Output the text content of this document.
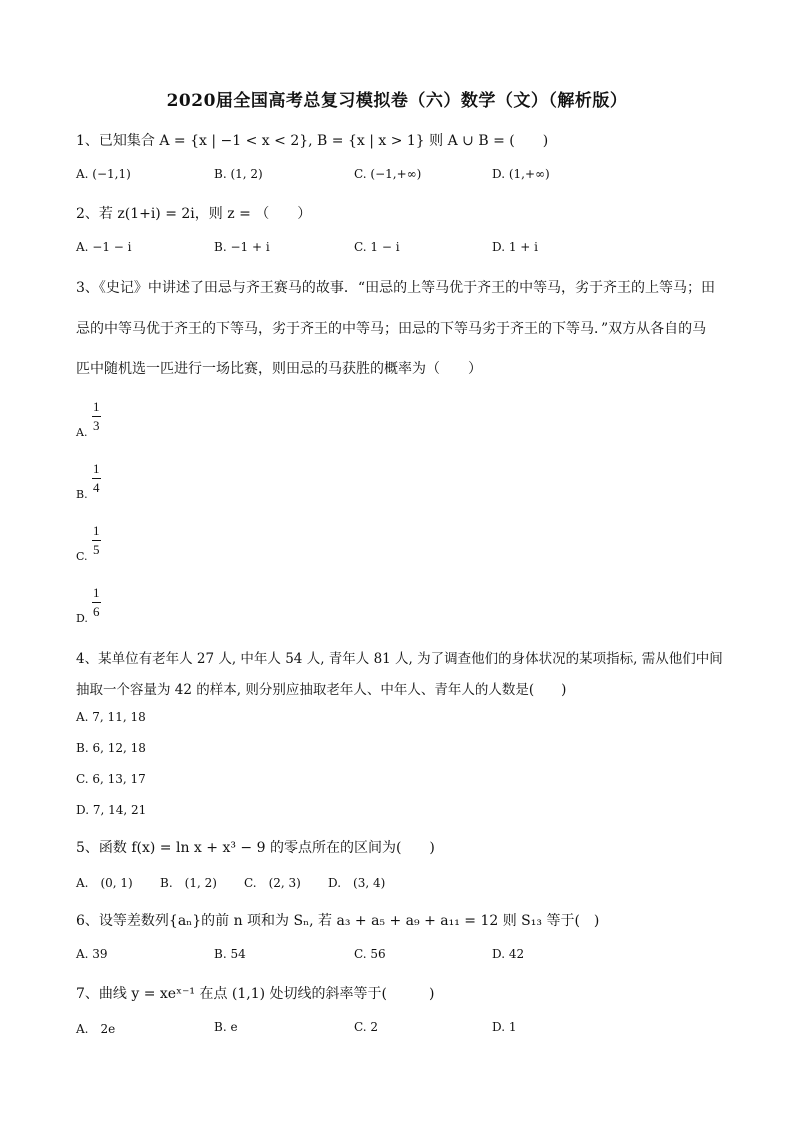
2020届全国高考总复习模拟卷（六）数学（文）（解析版）
1、已知集合 A = {x | −1 < x < 2}, B = {x | x > 1} 则 A ∪ B = (　　)
A. (−1,1)	B. (1, 2)	C. (−1,+∞)	D. (1,+∞)
2、若 z(1+i) = 2i，则 z = （　　）
A. −1 − i	B. −1 + i	C. 1 − i	D. 1 + i
3、《史记》中讲述了田忌与齐王赛马的故事．“田忌的上等马优于齐王的中等马，劣于齐王的上等马；田
忌的中等马优于齐王的下等马，劣于齐王的中等马；田忌的下等马劣于齐王的下等马．”双方从各自的马
匹中随机选一匹进行一场比赛，则田忌的马获胜的概率为（　　）
A. $\frac{1}{3}$
B. $\frac{1}{4}$
C. $\frac{1}{5}$
D. $\frac{1}{6}$
4、某单位有老年人 27 人, 中年人 54 人, 青年人 81 人, 为了调查他们的身体状况的某项指标, 需从他们中间
抽取一个容量为 42 的样本, 则分别应抽取老年人、中年人、青年人的人数是(　　)
A. 7, 11, 18
B. 6, 12, 18
C. 6, 13, 17
D. 7, 14, 21
5、函数 f(x) = ln x + x³ − 9 的零点所在的区间为(　　)
A.　(0, 1) B.　(1, 2) C.　(2, 3) D.　(3, 4)
6、设等差数列{aₙ}的前 n 项和为 Sₙ, 若 a₃ + a₅ + a₉ + a₁₁ = 12 则 S₁₃ 等于(　)
A. 39	B. 54	C. 56	D. 42
7、曲线 y = xeˣ⁻¹ 在点 (1,1) 处切线的斜率等于(　　　)
A.　2e	B. e	C. 2	D. 1
